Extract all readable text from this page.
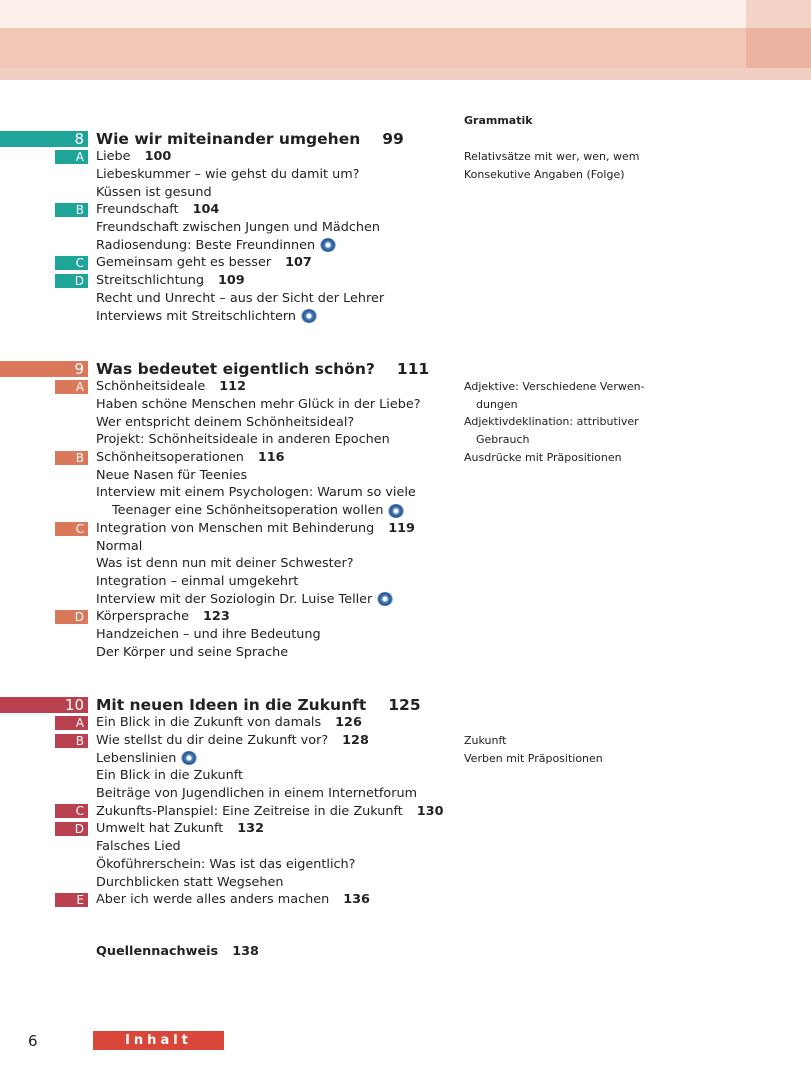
Grammatik
8 Wie wir miteinander umgehen 99
A Liebe 100
Liebeskummer – wie gehst du damit um?
Küssen ist gesund
B Freundschaft 104
Freundschaft zwischen Jungen und Mädchen
Radiosendung: Beste Freundinnen
C Gemeinsam geht es besser 107
D Streitschlichtung 109
Recht und Unrecht – aus der Sicht der Lehrer
Interviews mit Streitschlichtern
9 Was bedeutet eigentlich schön? 111
A Schönheitsideale 112
Haben schöne Menschen mehr Glück in der Liebe?
Wer entspricht deinem Schönheitsideal?
Projekt: Schönheitsideale in anderen Epochen
B Schönheitsoperationen 116
Neue Nasen für Teenies
Interview mit einem Psychologen: Warum so viele
Teenager eine Schönheitsoperation wollen
C Integration von Menschen mit Behinderung 119
Normal
Was ist denn nun mit deiner Schwester?
Integration – einmal umgekehrt
Interview mit der Soziologin Dr. Luise Teller
D Körpersprache 123
Handzeichen – und ihre Bedeutung
Der Körper und seine Sprache
10 Mit neuen Ideen in die Zukunft 125
A Ein Blick in die Zukunft von damals 126
B Wie stellst du dir deine Zukunft vor? 128
Lebenslinien
Ein Blick in die Zukunft
Beiträge von Jugendlichen in einem Internetforum
C Zukunfts-Planspiel: Eine Zeitreise in die Zukunft 130
D Umwelt hat Zukunft 132
Falsches Lied
Ökoführerschein: Was ist das eigentlich?
Durchblicken statt Wegsehen
E Aber ich werde alles anders machen 136
Relativsätze mit wer, wen, wem
Konsekutive Angaben (Folge)
Adjektive: Verschiedene Verwen-
dungen
Adjektivdeklination: attributiver
Gebrauch
Ausdrücke mit Präpositionen
Zukunft
Verben mit Präpositionen
Quellennachweis 138
6	Inhalt
